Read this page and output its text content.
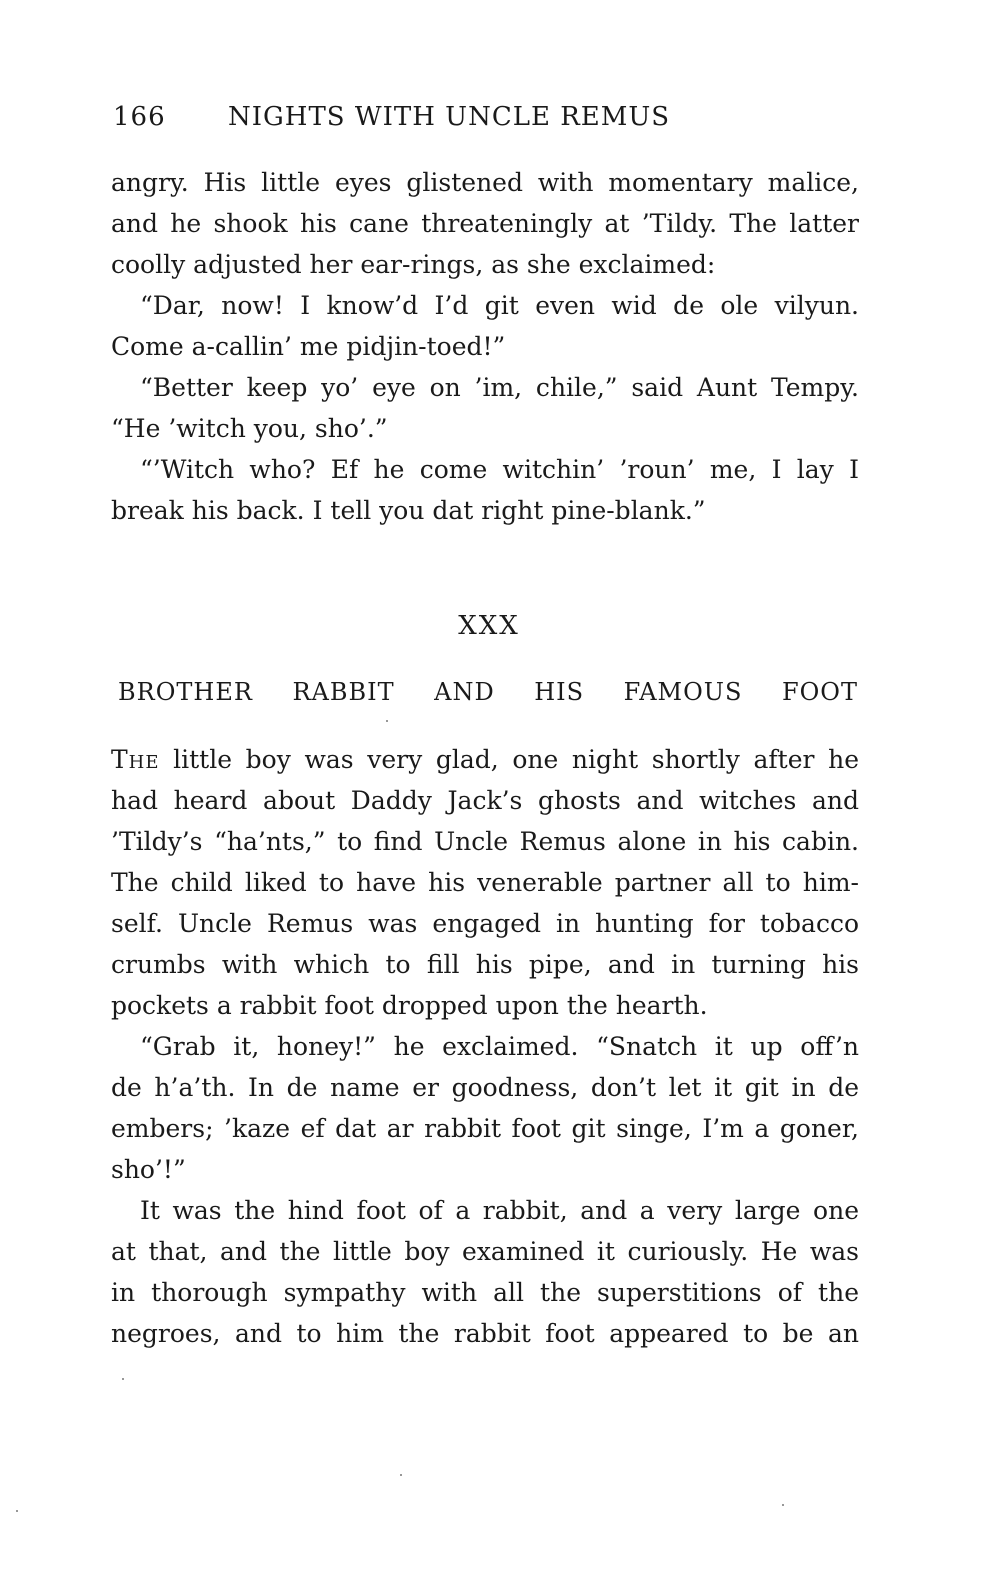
166 NIGHTS WITH UNCLE REMUS
angry. His little eyes glistened with momentary malice,
and he shook his cane threateningly at ’Tildy. The latter
coolly adjusted her ear-rings, as she exclaimed:
“Dar, now! I know’d I’d git even wid de ole vilyun.
Come a-callin’ me pidjin-toed!”
“Better keep yo’ eye on ’im, chile,” said Aunt Tempy.
“He ’witch you, sho’.”
“’Witch who? Ef he come witchin’ ’roun’ me, I lay I
break his back. I tell you dat right pine-blank.”
XXX
BROTHER RABBIT AND HIS FAMOUS FOOT
The little boy was very glad, one night shortly after he
had heard about Daddy Jack’s ghosts and witches and
’Tildy’s “ha’nts,” to find Uncle Remus alone in his cabin.
The child liked to have his venerable partner all to him-
self. Uncle Remus was engaged in hunting for tobacco
crumbs with which to fill his pipe, and in turning his
pockets a rabbit foot dropped upon the hearth.
“Grab it, honey!” he exclaimed. “Snatch it up off’n
de h’a’th. In de name er goodness, don’t let it git in de
embers; ’kaze ef dat ar rabbit foot git singe, I’m a goner,
sho’!”
It was the hind foot of a rabbit, and a very large one
at that, and the little boy examined it curiously. He was
in thorough sympathy with all the superstitions of the
negroes, and to him the rabbit foot appeared to be an
